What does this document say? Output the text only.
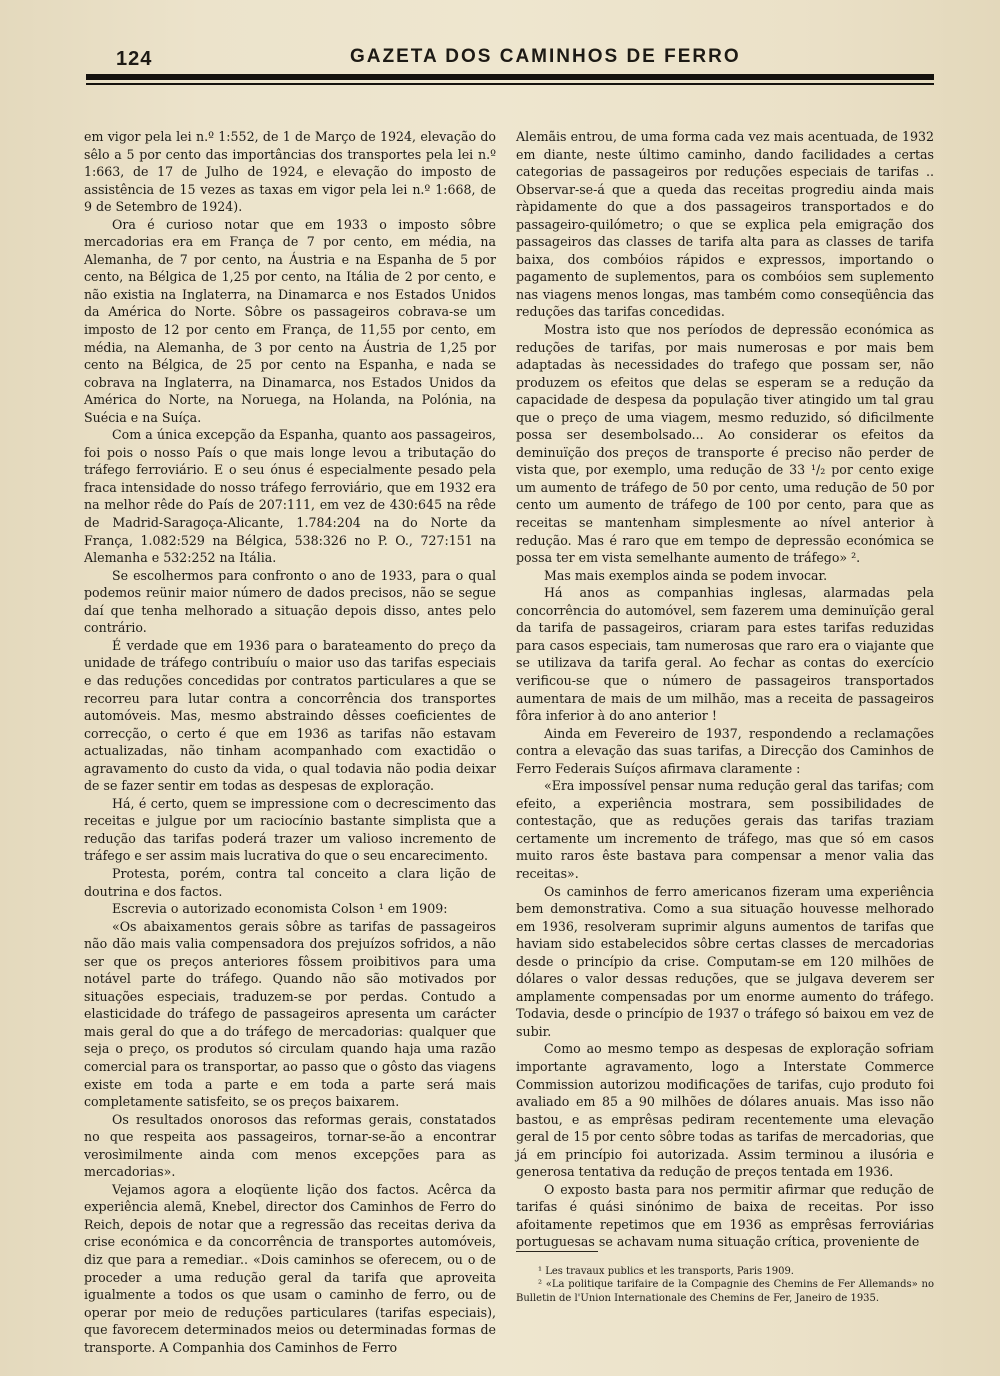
124	GAZETA DOS CAMINHOS DE FERRO

em vigor pela lei n.º 1:552, de 1 de Março de 1924, elevação do sêlo a 5 por cento das importâncias dos transportes pela lei n.º 1:663, de 17 de Julho de 1924, e elevação do imposto de assistência de 15 vezes as taxas em vigor pela lei n.º 1:668, de 9 de Setembro de 1924).

Ora é curioso notar que em 1933 o imposto sôbre mercadorias era em França de 7 por cento, em média, na Alemanha, de 7 por cento, na Áustria e na Espanha de 5 por cento, na Bélgica de 1,25 por cento, na Itália de 2 por cento, e não existia na Inglaterra, na Dinamarca e nos Estados Unidos da América do Norte. Sôbre os passageiros cobrava-se um imposto de 12 por cento em França, de 11,55 por cento, em média, na Alemanha, de 3 por cento na Áustria de 1,25 por cento na Bélgica, de 25 por cento na Espanha, e nada se cobrava na Inglaterra, na Dinamarca, nos Estados Unidos da América do Norte, na Noruega, na Holanda, na Polónia, na Suécia e na Suíça.

Com a única excepção da Espanha, quanto aos passageiros, foi pois o nosso País o que mais longe levou a tributação do tráfego ferroviário. E o seu ónus é especialmente pesado pela fraca intensidade do nosso tráfego ferroviário, que em 1932 era na melhor rêde do País de 207:111, em vez de 430:645 na rêde de Madrid-Saragoça-Alicante, 1.784:204 na do Norte da França, 1.082:529 na Bélgica, 538:326 no P. O., 727:151 na Alemanha e 532:252 na Itália.

Se escolhermos para confronto o ano de 1933, para o qual podemos reünir maior número de dados precisos, não se segue daí que tenha melhorado a situação depois disso, antes pelo contrário.

É verdade que em 1936 para o barateamento do preço da unidade de tráfego contribuíu o maior uso das tarifas especiais e das reduções concedidas por contratos particulares a que se recorreu para lutar contra a concorrência dos transportes automóveis. Mas, mesmo abstraindo dêsses coeficientes de correcção, o certo é que em 1936 as tarifas não estavam actualizadas, não tinham acompanhado com exactidão o agravamento do custo da vida, o qual todavia não podia deixar de se fazer sentir em todas as despesas de exploração.

Há, é certo, quem se impressione com o decrescimento das receitas e julgue por um raciocínio bastante simplista que a redução das tarifas poderá trazer um valioso incremento de tráfego e ser assim mais lucrativa do que o seu encarecimento.

Protesta, porém, contra tal conceito a clara lição de doutrina e dos factos.

Escrevia o autorizado economista Colson ¹ em 1909:

«Os abaixamentos gerais sôbre as tarifas de passageiros não dão mais valia compensadora dos prejuízos sofridos, a não ser que os preços anteriores fôssem proibitivos para uma notável parte do tráfego. Quando não são motivados por situações especiais, traduzem-se por perdas. Contudo a elasticidade do tráfego de passageiros apresenta um carácter mais geral do que a do tráfego de mercadorias: qualquer que seja o preço, os produtos só circulam quando haja uma razão comercial para os transportar, ao passo que o gôsto das viagens existe em toda a parte e em toda a parte será mais completamente satisfeito, se os preços baixarem.

Os resultados onorosos das reformas gerais, constatados no que respeita aos passageiros, tornar-se-ão a encontrar verosìmilmente ainda com menos excepções para as mercadorias».

Vejamos agora a eloqüente lição dos factos. Acêrca da experiência alemã, Knebel, director dos Caminhos de Ferro do Reich, depois de notar que a regressão das receitas deriva da crise económica e da concorrência de transportes automóveis, diz que para a remediar.. «Dois caminhos se oferecem, ou o de proceder a uma redução geral da tarifa que aproveita igualmente a todos os que usam o caminho de ferro, ou de operar por meio de reduções particulares (tarifas especiais), que favorecem determinados meios ou determinadas formas de transporte. A Companhia dos Caminhos de Ferro

Alemãis entrou, de uma forma cada vez mais acentuada, de 1932 em diante, neste último caminho, dando facilidades a certas categorias de passageiros por reduções especiais de tarifas .. Observar-se-á que a queda das receitas progrediu ainda mais ràpidamente do que a dos passageiros transportados e do passageiro-quilómetro; o que se explica pela emigração dos passageiros das classes de tarifa alta para as classes de tarifa baixa, dos combóios rápidos e expressos, importando o pagamento de suplementos, para os combóios sem suplemento nas viagens menos longas, mas também como conseqüência das reduções das tarifas concedidas.

Mostra isto que nos períodos de depressão económica as reduções de tarifas, por mais numerosas e por mais bem adaptadas às necessidades do trafego que possam ser, não produzem os efeitos que delas se esperam se a redução da capacidade de despesa da população tiver atingido um tal grau que o preço de uma viagem, mesmo reduzido, só dificilmente possa ser desembolsado... Ao considerar os efeitos da deminuïção dos preços de transporte é preciso não perder de vista que, por exemplo, uma redução de 33 ¹/₂ por cento exige um aumento de tráfego de 50 por cento, uma redução de 50 por cento um aumento de tráfego de 100 por cento, para que as receitas se mantenham simplesmente ao nível anterior à redução. Mas é raro que em tempo de depressão económica se possa ter em vista semelhante aumento de tráfego» ².

Mas mais exemplos ainda se podem invocar.

Há anos as companhias inglesas, alarmadas pela concorrência do automóvel, sem fazerem uma deminuïção geral da tarifa de passageiros, criaram para estes tarifas reduzidas para casos especiais, tam numerosas que raro era o viajante que se utilizava da tarifa geral. Ao fechar as contas do exercício verificou-se que o número de passageiros transportados aumentara de mais de um milhão, mas a receita de passageiros fôra inferior à do ano anterior !

Ainda em Fevereiro de 1937, respondendo a reclamações contra a elevação das suas tarifas, a Direcção dos Caminhos de Ferro Federais Suíços afirmava claramente :

«Era impossível pensar numa redução geral das tarifas; com efeito, a experiência mostrara, sem possibilidades de contestação, que as reduções gerais das tarifas traziam certamente um incremento de tráfego, mas que só em casos muito raros êste bastava para compensar a menor valia das receitas».

Os caminhos de ferro americanos fizeram uma experiência bem demonstrativa. Como a sua situação houvesse melhorado em 1936, resolveram suprimir alguns aumentos de tarifas que haviam sido estabelecidos sôbre certas classes de mercadorias desde o princípio da crise. Computam-se em 120 milhões de dólares o valor dessas reduções, que se julgava deverem ser amplamente compensadas por um enorme aumento do tráfego. Todavia, desde o princípio de 1937 o tráfego só baixou em vez de subir.

Como ao mesmo tempo as despesas de exploração sofriam importante agravamento, logo a Interstate Commerce Commission autorizou modificações de tarifas, cujo produto foi avaliado em 85 a 90 milhões de dólares anuais. Mas isso não bastou, e as emprêsas pediram recentemente uma elevação geral de 15 por cento sôbre todas as tarifas de mercadorias, que já em princípio foi autorizada. Assim terminou a ilusória e generosa tentativa da redução de preços tentada em 1936.

O exposto basta para nos permitir afirmar que redução de tarifas é quási sinónimo de baixa de receitas. Por isso afoitamente repetimos que em 1936 as emprêsas ferroviárias portuguesas se achavam numa situação crítica, proveniente de

¹ Les travaux publics et les transports, Paris 1909.

² «La politique tarifaire de la Compagnie des Chemins de Fer Allemands» no Bulletin de l'Union Internationale des Chemins de Fer, Janeiro de 1935.
